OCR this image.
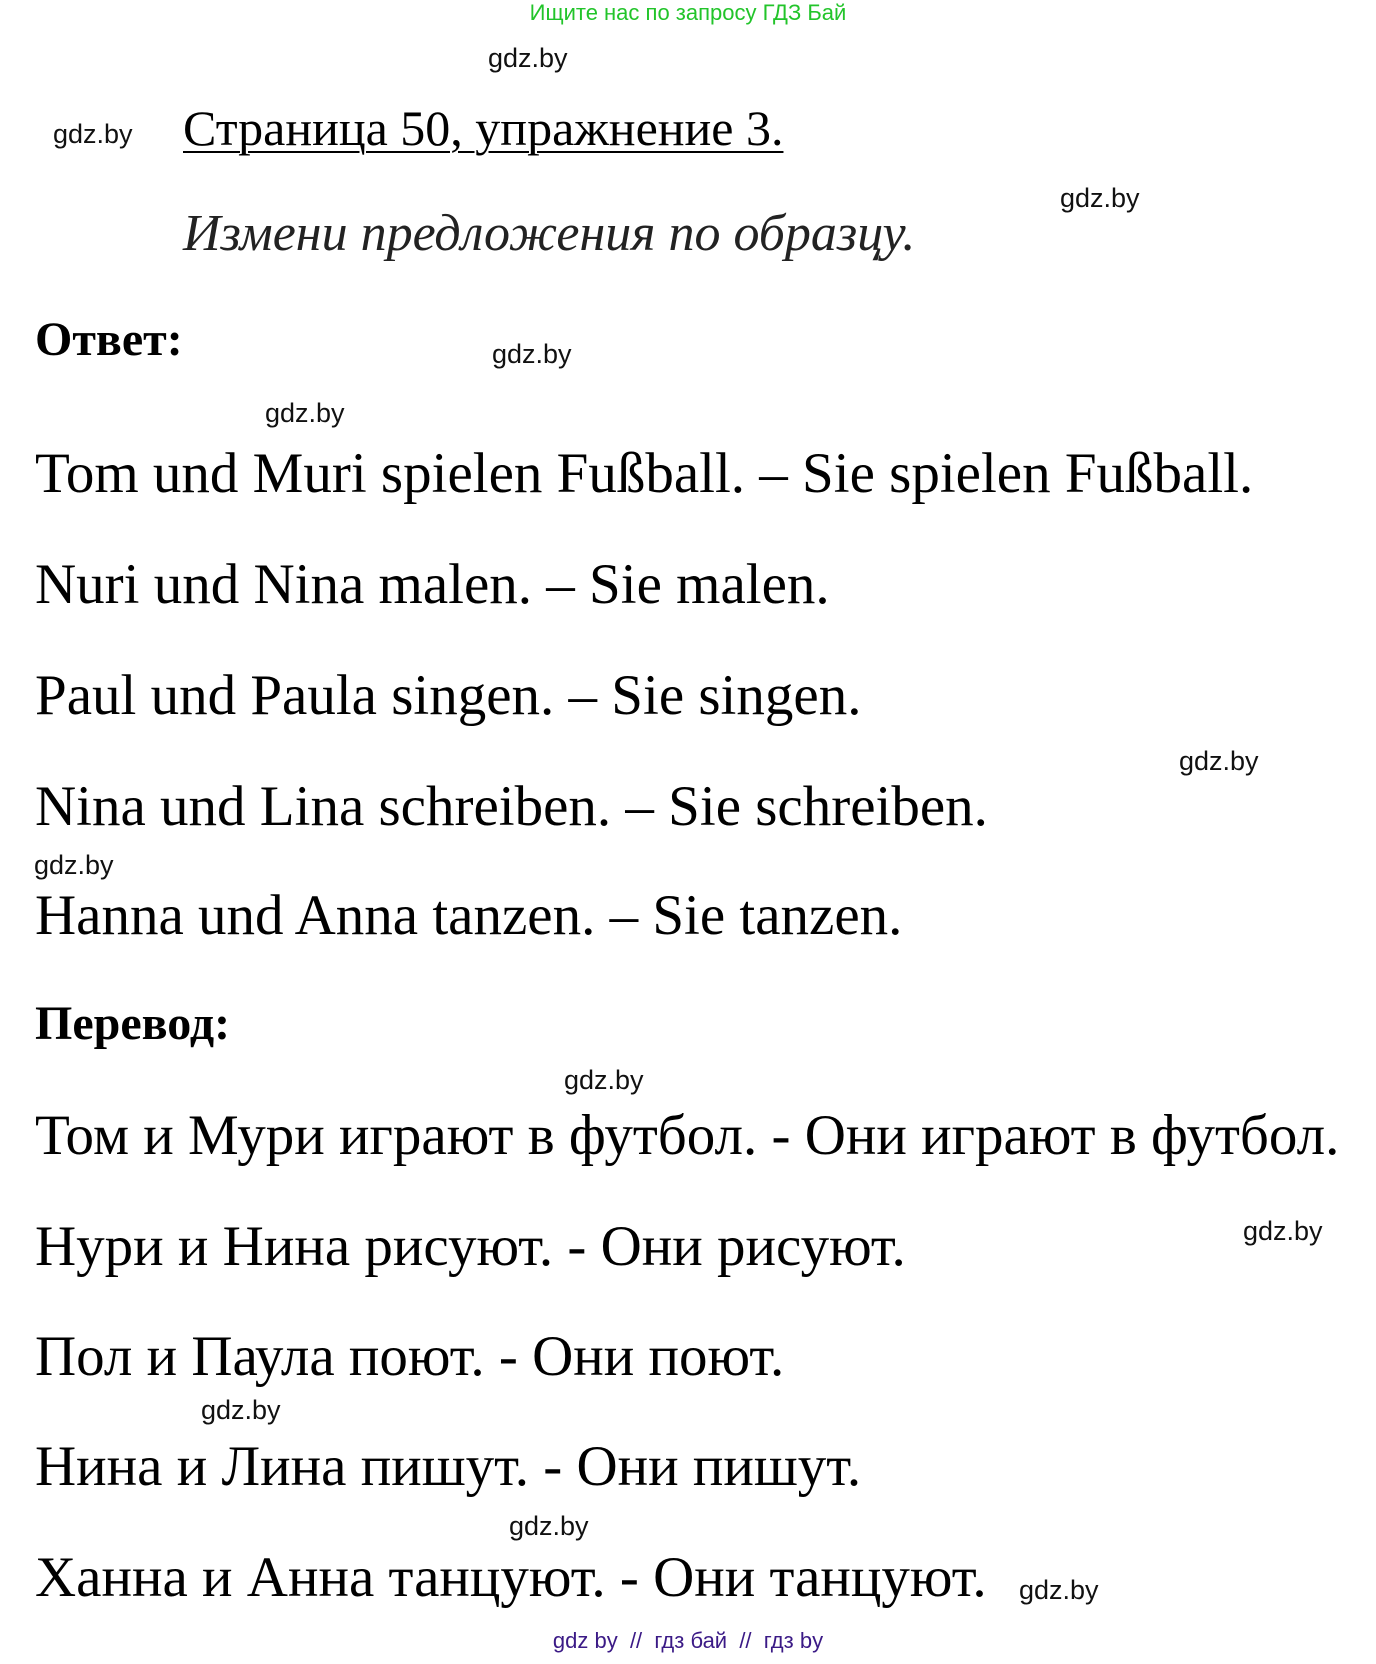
Ищите нас по запросу ГДЗ Бай
gdz.by
gdz.by Страница 50, упражнение 3.
gdz.by
Измени предложения по образцу.
Ответ:	gdz.by
gdz.by
Tom und Muri spielen Fußball. – Sie spielen Fußball.
Nuri und Nina malen. – Sie malen.
Paul und Paula singen. – Sie singen.
gdz.by
Nina und Lina schreiben. – Sie schreiben.
gdz.by
Hanna und Anna tanzen. – Sie tanzen.
Перевод:
gdz.by
Том и Мури играют в футбол. - Они играют в футбол.
gdz.by
Нури и Нина рисуют. - Они рисуют.
Пол и Паула поют. - Они поют.
gdz.by
Нина и Лина пишут. - Они пишут.
gdz.by
Ханна и Анна танцуют. - Они танцуют. gdz.by
gdz by  //  гдз бай  //  гдз by
